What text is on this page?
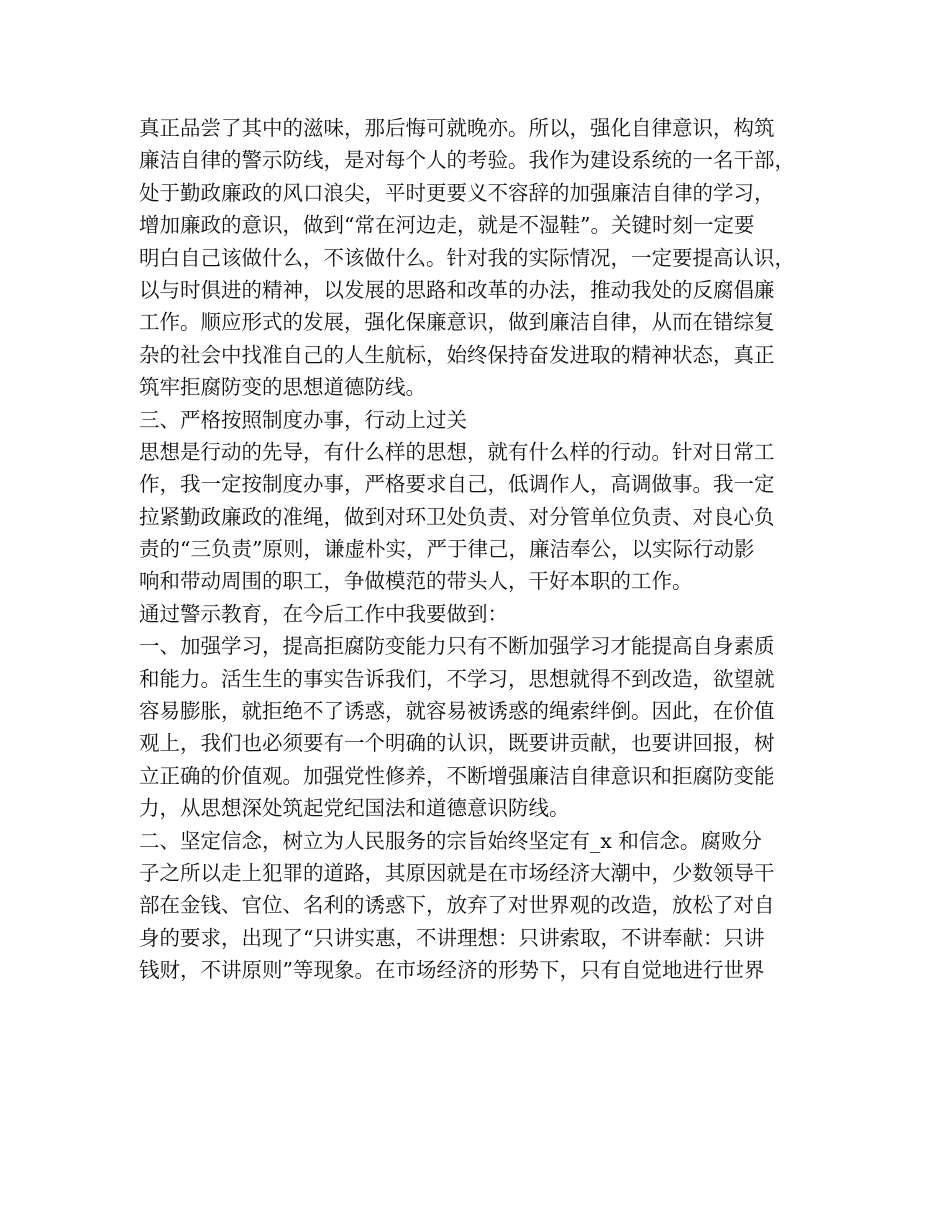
真正品尝了其中的滋味，那后悔可就晚亦。所以，强化自律意识，构筑
廉洁自律的警示防线，是对每个人的考验。我作为建设系统的一名干部，
处于勤政廉政的风口浪尖，平时更要义不容辞的加强廉洁自律的学习，
增加廉政的意识，做到“常在河边走，就是不湿鞋”。关键时刻一定要
明白自己该做什么，不该做什么。针对我的实际情况，一定要提高认识，
以与时俱进的精神，以发展的思路和改革的办法，推动我处的反腐倡廉
工作。顺应形式的发展，强化保廉意识，做到廉洁自律，从而在错综复
杂的社会中找准自己的人生航标，始终保持奋发进取的精神状态，真正
筑牢拒腐防变的思想道德防线。
三、严格按照制度办事，行动上过关
思想是行动的先导，有什么样的思想，就有什么样的行动。针对日常工
作，我一定按制度办事，严格要求自己，低调作人，高调做事。我一定
拉紧勤政廉政的准绳，做到对环卫处负责、对分管单位负责、对良心负
责的“三负责”原则，谦虚朴实，严于律己，廉洁奉公，以实际行动影
响和带动周围的职工，争做模范的带头人，干好本职的工作。
通过警示教育，在今后工作中我要做到：
一、加强学习，提高拒腐防变能力只有不断加强学习才能提高自身素质
和能力。活生生的事实告诉我们，不学习，思想就得不到改造，欲望就
容易膨胀，就拒绝不了诱惑，就容易被诱惑的绳索绊倒。因此，在价值
观上，我们也必须要有一个明确的认识，既要讲贡献，也要讲回报，树
立正确的价值观。加强党性修养，不断增强廉洁自律意识和拒腐防变能
力，从思想深处筑起党纪国法和道德意识防线。
二、坚定信念，树立为人民服务的宗旨始终坚定有_x 和信念。腐败分
子之所以走上犯罪的道路，其原因就是在市场经济大潮中，少数领导干
部在金钱、官位、名利的诱惑下，放弃了对世界观的改造，放松了对自
身的要求，出现了“只讲实惠，不讲理想：只讲索取，不讲奉献：只讲
钱财，不讲原则”等现象。在市场经济的形势下，只有自觉地进行世界
